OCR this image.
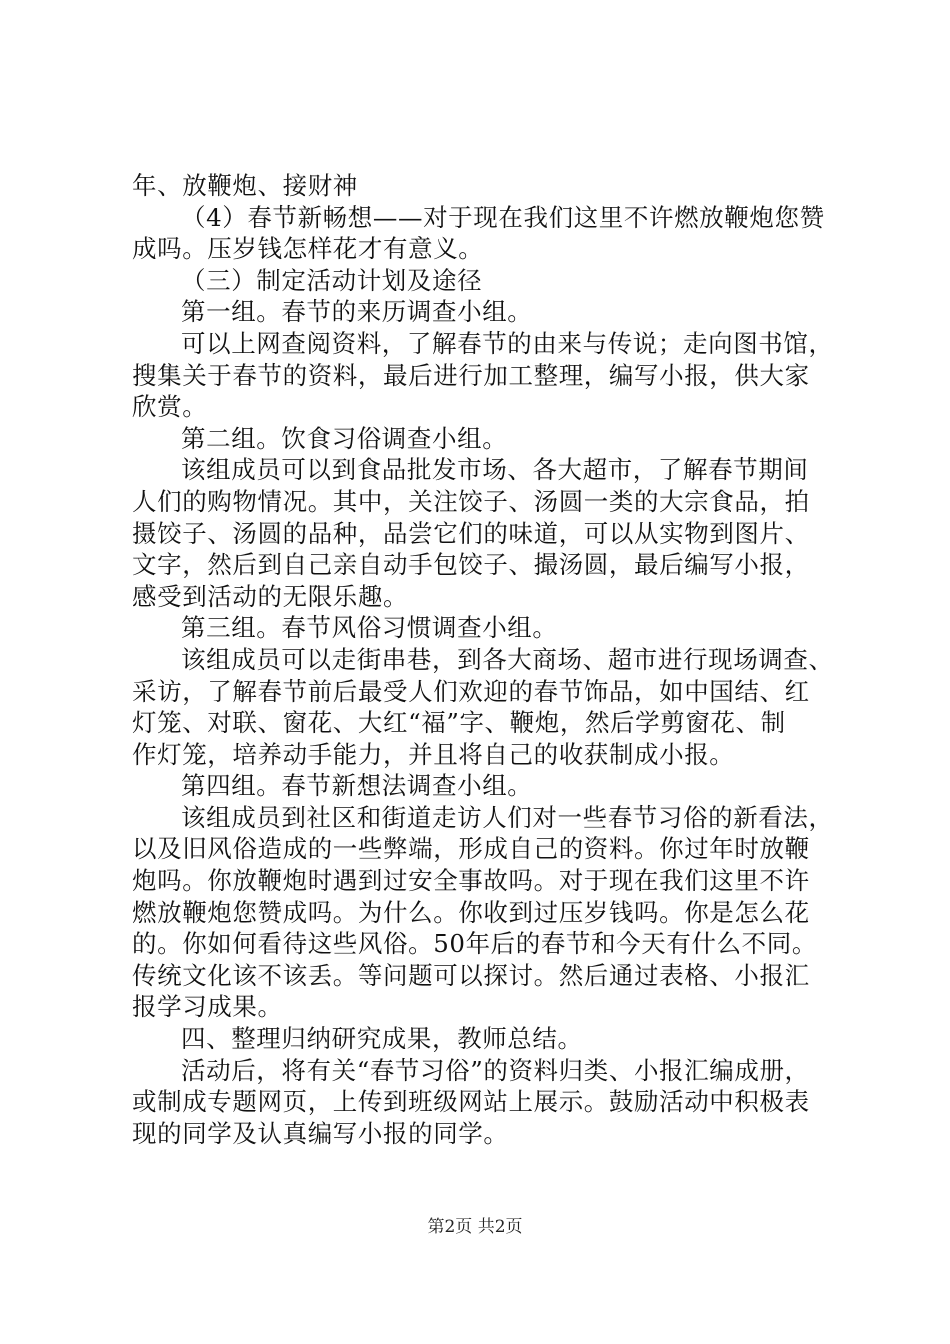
年、放鞭炮、接财神
（4）春节新畅想——对于现在我们这里不许燃放鞭炮您赞
成吗。压岁钱怎样花才有意义。
（三）制定活动计划及途径
第一组。春节的来历调查小组。
可以上网查阅资料，了解春节的由来与传说；走向图书馆，
搜集关于春节的资料，最后进行加工整理，编写小报，供大家
欣赏。
第二组。饮食习俗调查小组。
该组成员可以到食品批发市场、各大超市，了解春节期间
人们的购物情况。其中，关注饺子、汤圆一类的大宗食品，拍
摄饺子、汤圆的品种，品尝它们的味道，可以从实物到图片、
文字，然后到自己亲自动手包饺子、撮汤圆，最后编写小报，
感受到活动的无限乐趣。
第三组。春节风俗习惯调查小组。
该组成员可以走街串巷，到各大商场、超市进行现场调查、
采访，了解春节前后最受人们欢迎的春节饰品，如中国结、红
灯笼、对联、窗花、大红“福”字、鞭炮，然后学剪窗花、制
作灯笼，培养动手能力，并且将自己的收获制成小报。
第四组。春节新想法调查小组。
该组成员到社区和街道走访人们对一些春节习俗的新看法，
以及旧风俗造成的一些弊端，形成自己的资料。你过年时放鞭
炮吗。你放鞭炮时遇到过安全事故吗。对于现在我们这里不许
燃放鞭炮您赞成吗。为什么。你收到过压岁钱吗。你是怎么花
的。你如何看待这些风俗。50年后的春节和今天有什么不同。
传统文化该不该丢。等问题可以探讨。然后通过表格、小报汇
报学习成果。
四、整理归纳研究成果，教师总结。
活动后，将有关“春节习俗”的资料归类、小报汇编成册，
或制成专题网页，上传到班级网站上展示。鼓励活动中积极表
现的同学及认真编写小报的同学。
第2页 共2页
